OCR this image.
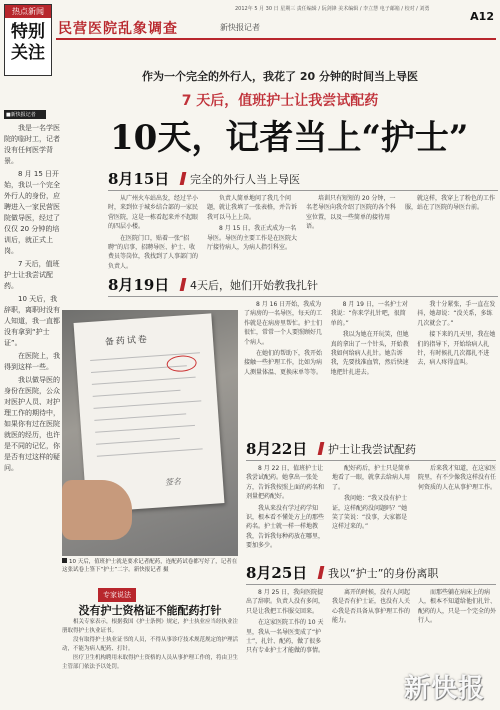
热点新闻
特别关注
2012年 5 月 30 日 星期三 责任编辑 / 阮剑锋 美术编辑 / 李立慧 电子邮箱 / 校对 / 刘勇
民营医院乱象调查	新快报记者
A12
作为一个完全的外行人，我花了 20 分钟的时间当上导医
7 天后，值班护士让我尝试配药
10天，记者当上“护士”
■新快报记者

我是一名学医院的临时工，记者没有任何医学背景。

8 月 15 日开始，我以一个完全外行人的身份，应聘进入一家民营医院做导医，经过了仅仅 20 分钟的培训后，就正式上岗。

7 天后，值班护士让我尝试配药。

10 天后，我辞职，离职时没有人知道，我一直都没有拿到“护士证”。

在医院上，我得到这样一些。

我以做导医的身份在医院，公众对医护人员、对护理工作的期待中，如果你有过在医院就医的经历，也许是不同的记忆，你是否有过这样的疑问。

8月15日 完全的外行人当上导医

从广州火车站出发，经过半小时，来到位于城乡结合部的一家民营医院，这是一栋看起来并不起眼的四层小楼。

在医院门口，贴着一张“招聘”的启事，招聘导医、护士、收费员等岗位，我找到了人事部门的负责人。

负责人简单地问了我几个问题，就让我填了一张表格，并告诉我可以马上上岗。

8 月 15 日，我正式成为一名导医。导医的主要工作是在医院大厅接待病人，为病人指引科室。

培训只有短短的 20 分钟，一名老导医向我介绍了医院的各个科室位置，以及一些简单的接待用语。

就这样，我穿上了粉色的工作服，站在了医院的导医台前。

8月19日 4天后，她们开始教我扎针

8 月 16 日开始，我成为了病房的一名导医，每天的工作就是在病房里帮忙。护士们很忙，常常一个人要照顾好几个病人。

在她们的帮助下，我开始接触一些护理工作，比如为病人测量体温、更换床单等等。

8 月 19 日，一名护士对我说：“你来学扎针吧，很简单的。”

我以为她在开玩笑，但她真的拿出了一个针头，开始教我如何给病人扎针。她告诉我，先要找准血管，然后快速地把针扎进去。

我十分紧张，手一直在发抖，她却说：“没关系，多练几次就会了。”

接下来的几天里，我在她们的指导下，开始给病人扎针，有时候扎几次都扎不进去，病人疼得直叫。

备药试卷
签名
10 天后，值班护士就是要求记者配药，连配药试卷都写好了，记者在这张试卷上签下“护士”二字。新快报记者 摄
8月22日 护士让我尝试配药

8 月 22 日，值班护士让我尝试配药。她拿出一张处方，告诉我按照上面的药名和剂量把药配好。

我从来没有学过药学知识，根本看不懂处方上的那些药名。护士就一样一样地教我，告诉我每种药放在哪里，要加多少。

配好药后，护士只是简单地看了一眼，就拿去给病人用了。

我问她：“我又没有护士证，这样配药没问题吗？”她笑了笑说：“没事，大家都是这样过来的。”

后来我才知道，在这家医院里，有不少像我这样没有任何资质的人在从事护理工作。

8月25日 我以“护士”的身份离职

8 月 25 日，我向医院提出了辞职。负责人没有多问，只是让我把工作服交回来。

在这家医院工作的 10 天里，我从一名导医变成了“护士”，扎针、配药，做了很多只有专业护士才能做的事情。

离开的时候，没有人问起我是否有护士证，也没有人关心我是否具备从事护理工作的能力。

而那些躺在病床上的病人，根本不知道给他们扎针、配药的人，只是一个完全的外行人。

专家说法
没有护士资格证不能配药打针

相关专家表示，根据我国《护士条例》规定，护士执业应当经执业注册取得护士执业证书。

没有取得护士执业证书的人员，不得从事诊疗技术规范规定的护理活动，不能为病人配药、打针。

医疗卫生机构聘用未取得护士资格的人员从事护理工作的，将由卫生主管部门依法予以处罚。

新快报
